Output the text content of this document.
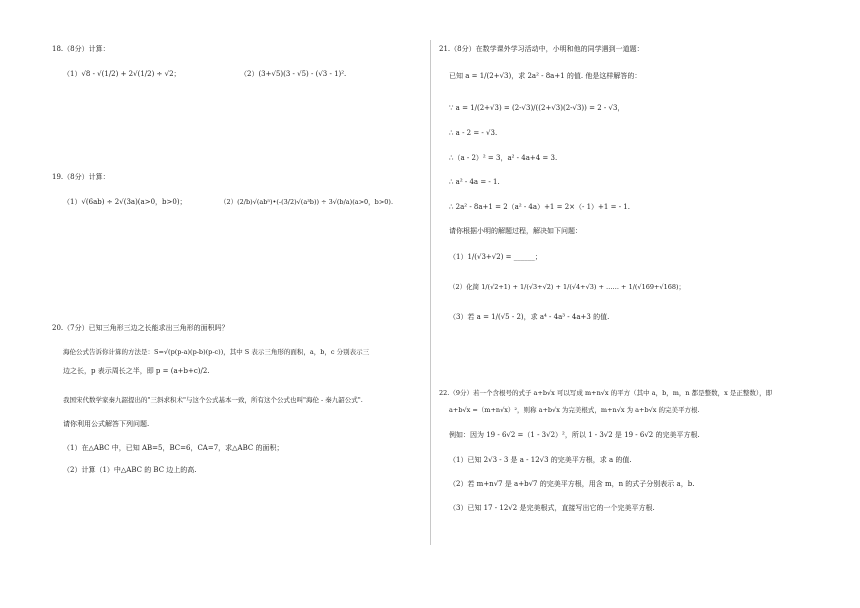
18.（8分）计算：
（1）√8 - √(1/2) + 2√(1/2) ÷ √2；	（2）(3+√5)(3 - √5) - (√3 - 1)².
19.（8分）计算：
（1）√(6ab) ÷ 2√(3a)(a>0，b>0)；	（2）(2/b)√(ab⁵)•(-(3/2)√(a³b)) ÷ 3√(b/a)(a>0，b>0).
20.（7分）已知三角形三边之长能求出三角形的面积吗？
海伦公式告诉你计算的方法是：S=√(p(p-a)(p-b)(p-c))，其中 S 表示三角形的面积，a，b，c 分别表示三
边之长，p 表示周长之半，即 p = (a+b+c)/2.
我国宋代数学家秦九韶提出的"三斜求积术"与这个公式基本一致，所有这个公式也叫"海伦 - 秦九韶公式".
请你利用公式解答下列问题.
（1）在△ABC 中，已知 AB=5，BC=6，CA=7，求△ABC 的面积；
（2）计算（1）中△ABC 的 BC 边上的高.
21.（8分）在数学课外学习活动中，小明和他的同学遇到一道题：
已知 a = 1/(2+√3)，求 2a² - 8a+1 的值. 他是这样解答的：
∵ a = 1/(2+√3) = (2-√3)/((2+√3)(2-√3)) = 2 - √3，
∴ a - 2 = - √3.
∴（a - 2）² = 3，a² - 4a+4 = 3.
∴ a² - 4a = - 1.
∴ 2a² - 8a+1 = 2（a² - 4a）+1 = 2×（- 1）+1 = - 1.
请你根据小明的解题过程，解决如下问题：
（1）1/(√3+√2) = ______；
（2）化简 1/(√2+1) + 1/(√3+√2) + 1/(√4+√3) + …… + 1/(√169+√168)；
（3）若 a = 1/(√5 - 2)，求 a⁴ - 4a³ - 4a+3 的值.
22.（9分）若一个含根号的式子 a+b√x 可以写成 m+n√x 的平方（其中 a，b，m，n 都是整数，x 是正整数），即
a+b√x =（m+n√x）²，则称 a+b√x 为完美根式，m+n√x 为 a+b√x 的完美平方根.
例如：因为 19 - 6√2 =（1 - 3√2）²，所以 1 - 3√2 是 19 - 6√2 的完美平方根.
（1）已知 2√3 - 3 是 a - 12√3 的完美平方根，求 a 的值.
（2）若 m+n√7 是 a+b√7 的完美平方根，用含 m，n 的式子分别表示 a，b.
（3）已知 17 - 12√2 是完美根式，直接写出它的一个完美平方根.
